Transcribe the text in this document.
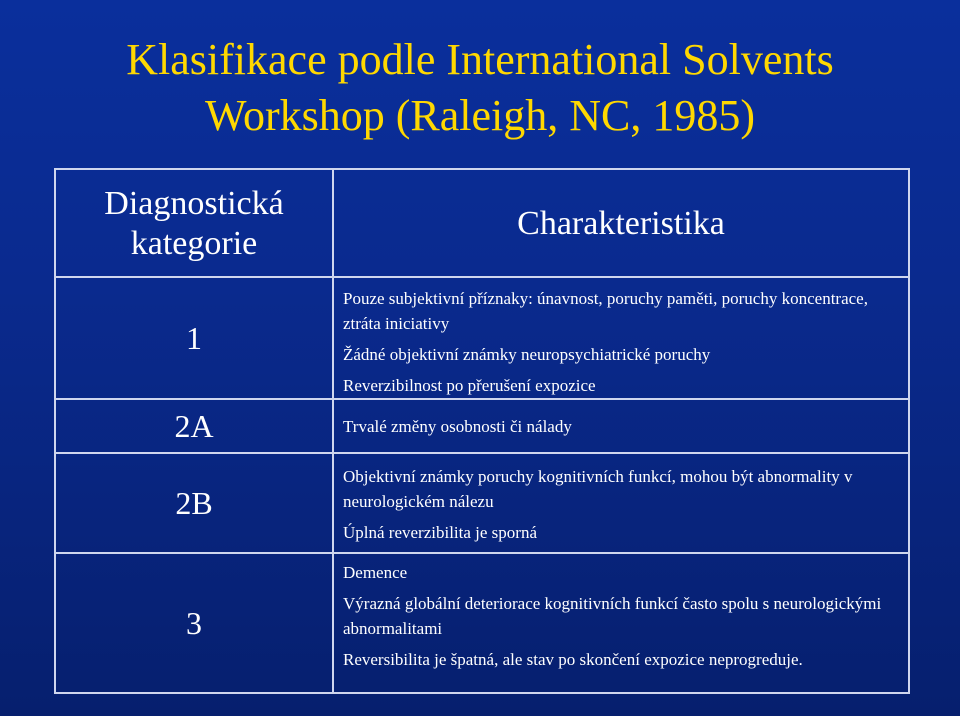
Klasifikace podle International Solvents
Workshop (Raleigh, NC, 1985)
Diagnostická
kategorie
Charakteristika
1

Pouze subjektivní příznaky: únavnost, poruchy paměti, poruchy koncentrace, ztráta iniciativy

Žádné objektivní známky neuropsychiatrické poruchy

Reverzibilnost po přerušení expozice

2A	Trvalé změny osobnosti či nálady

2B

Objektivní známky poruchy kognitivních funkcí, mohou být abnormality v neurologickém nálezu

Úplná reverzibilita je sporná

3

Demence

Výrazná globální deteriorace kognitivních funkcí často spolu s neurologickými abnormalitami

Reversibilita je špatná, ale stav po skončení expozice neprogreduje.
